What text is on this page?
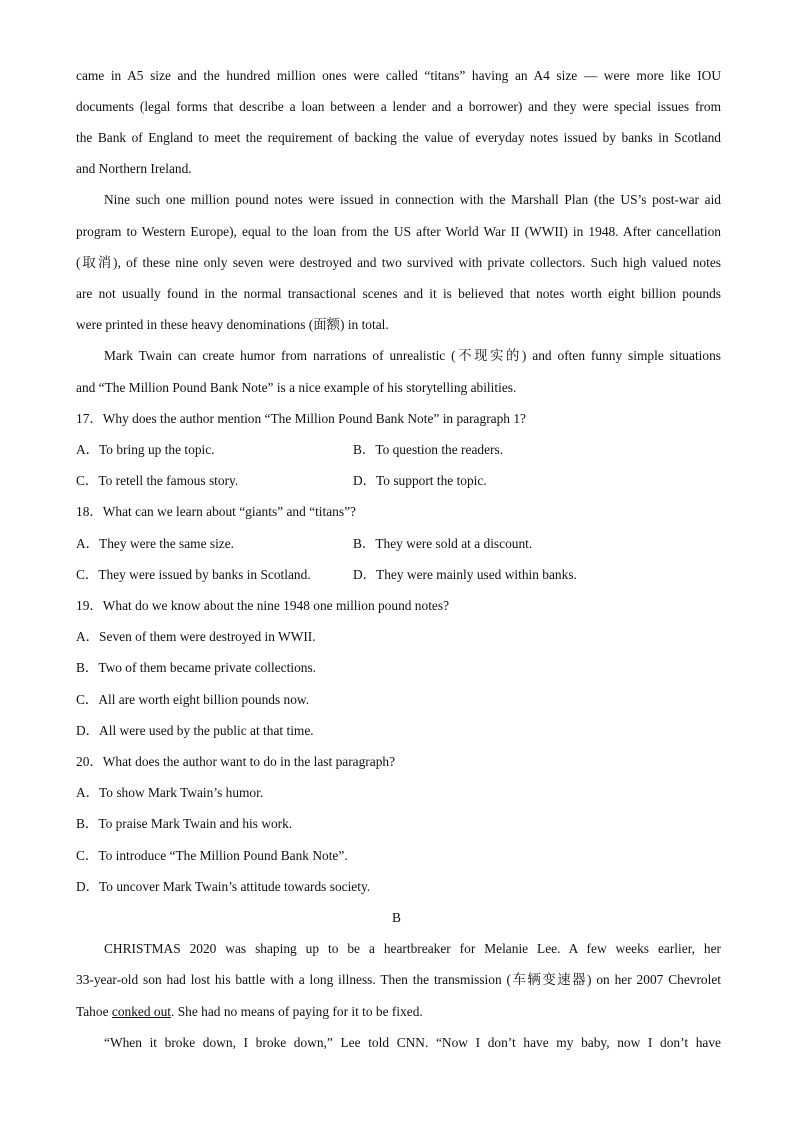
came in A5 size and the hundred million ones were called “titans” having an A4 size — were more like IOU
documents (legal forms that describe a loan between a lender and a borrower) and they were special issues from
the Bank of England to meet the requirement of backing the value of everyday notes issued by banks in Scotland
and Northern Ireland.
Nine such one million pound notes were issued in connection with the Marshall Plan (the US’s post-war aid
program to Western Europe), equal to the loan from the US after World War II (WWII) in 1948. After cancellation
(取消), of these nine only seven were destroyed and two survived with private collectors. Such high valued notes
are not usually found in the normal transactional scenes and it is believed that notes worth eight billion pounds
were printed in these heavy denominations (面额) in total.
Mark Twain can create humor from narrations of unrealistic (不现实的) and often funny simple situations
and “The Million Pound Bank Note” is a nice example of his storytelling abilities.
17．Why does the author mention “The Million Pound Bank Note” in paragraph 1?
A．To bring up the topic.	B．To question the readers.
C．To retell the famous story.	D．To support the topic.
18．What can we learn about “giants” and “titans”?
A．They were the same size.	B．They were sold at a discount.
C．They were issued by banks in Scotland.	D．They were mainly used within banks.
19．What do we know about the nine 1948 one million pound notes?
A．Seven of them were destroyed in WWII.
B．Two of them became private collections.
C．All are worth eight billion pounds now.
D．All were used by the public at that time.
20．What does the author want to do in the last paragraph?
A．To show Mark Twain’s humor.
B．To praise Mark Twain and his work.
C．To introduce “The Million Pound Bank Note”.
D．To uncover Mark Twain’s attitude towards society.
B
CHRISTMAS 2020 was shaping up to be a heartbreaker for Melanie Lee. A few weeks earlier, her
33-year-old son had lost his battle with a long illness. Then the transmission (车辆变速器) on her 2007 Chevrolet
Tahoe conked out. She had no means of paying for it to be fixed.
“When it broke down, I broke down,” Lee told CNN. “Now I don’t have my baby, now I don’t have
